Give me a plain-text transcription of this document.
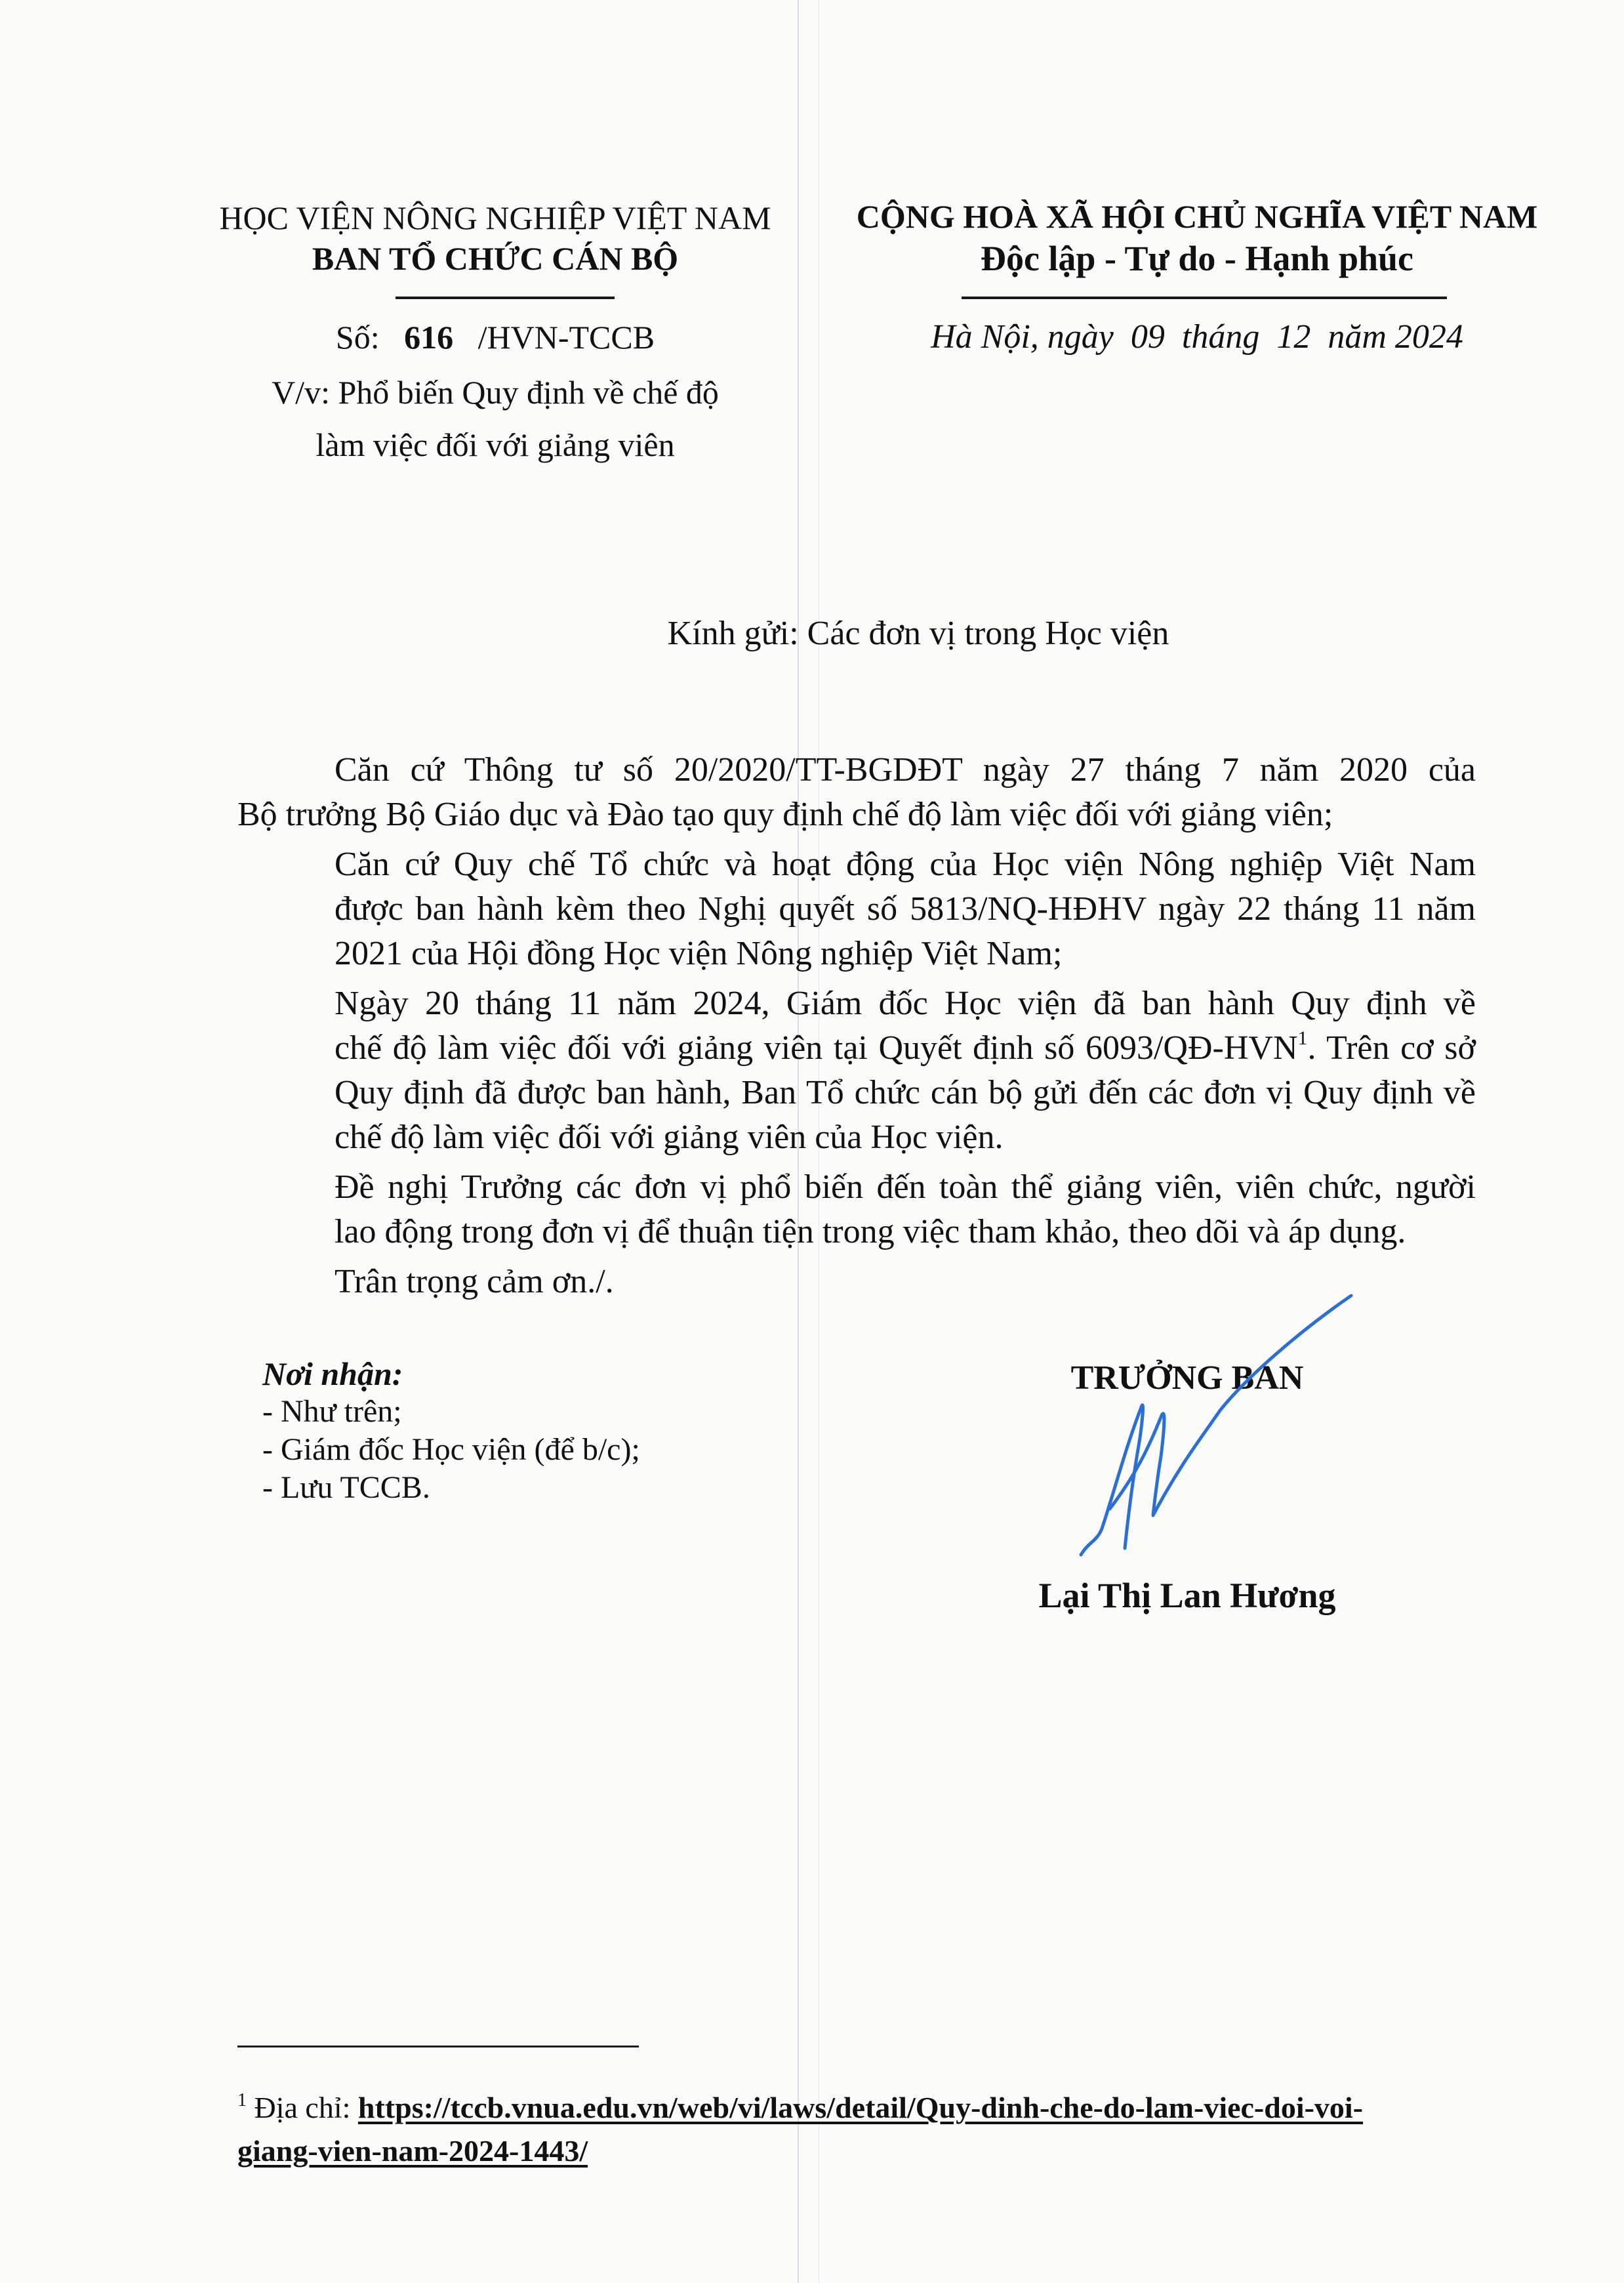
HỌC VIỆN NÔNG NGHIỆP VIỆT NAM
BAN TỔ CHỨC CÁN BỘ
Số: 616 /HVN-TCCB
V/v: Phổ biến Quy định về chế độ
làm việc đối với giảng viên
CỘNG HOÀ XÃ HỘI CHỦ NGHĨA VIỆT NAM
Độc lập - Tự do - Hạnh phúc
Hà Nội, ngày 09 tháng 12 năm 2024
Kính gửi: Các đơn vị trong Học viện

Căn cứ Thông tư số 20/2020/TT-BGDĐT ngày 27 tháng 7 năm 2020 của
Bộ trưởng Bộ Giáo dục và Đào tạo quy định chế độ làm việc đối với giảng viên;

Căn cứ Quy chế Tổ chức và hoạt động của Học viện Nông nghiệp Việt Nam
được ban hành kèm theo Nghị quyết số 5813/NQ-HĐHV ngày 22 tháng 11 năm
2021 của Hội đồng Học viện Nông nghiệp Việt Nam;

Ngày 20 tháng 11 năm 2024, Giám đốc Học viện đã ban hành Quy định về
chế độ làm việc đối với giảng viên tại Quyết định số 6093/QĐ-HVN$^1$. Trên cơ sở
Quy định đã được ban hành, Ban Tổ chức cán bộ gửi đến các đơn vị Quy định về
chế độ làm việc đối với giảng viên của Học viện.

Đề nghị Trưởng các đơn vị phổ biến đến toàn thể giảng viên, viên chức, người
lao động trong đơn vị để thuận tiện trong việc tham khảo, theo dõi và áp dụng.

Trân trọng cảm ơn./.

Nơi nhận:
- Như trên;
- Giám đốc Học viện (để b/c);
- Lưu TCCB.
TRƯỞNG BAN
Lại Thị Lan Hương
$^1$ Địa chỉ: https://tccb.vnua.edu.vn/web/vi/laws/detail/Quy-dinh-che-do-lam-viec-doi-voi-
giang-vien-nam-2024-1443/
